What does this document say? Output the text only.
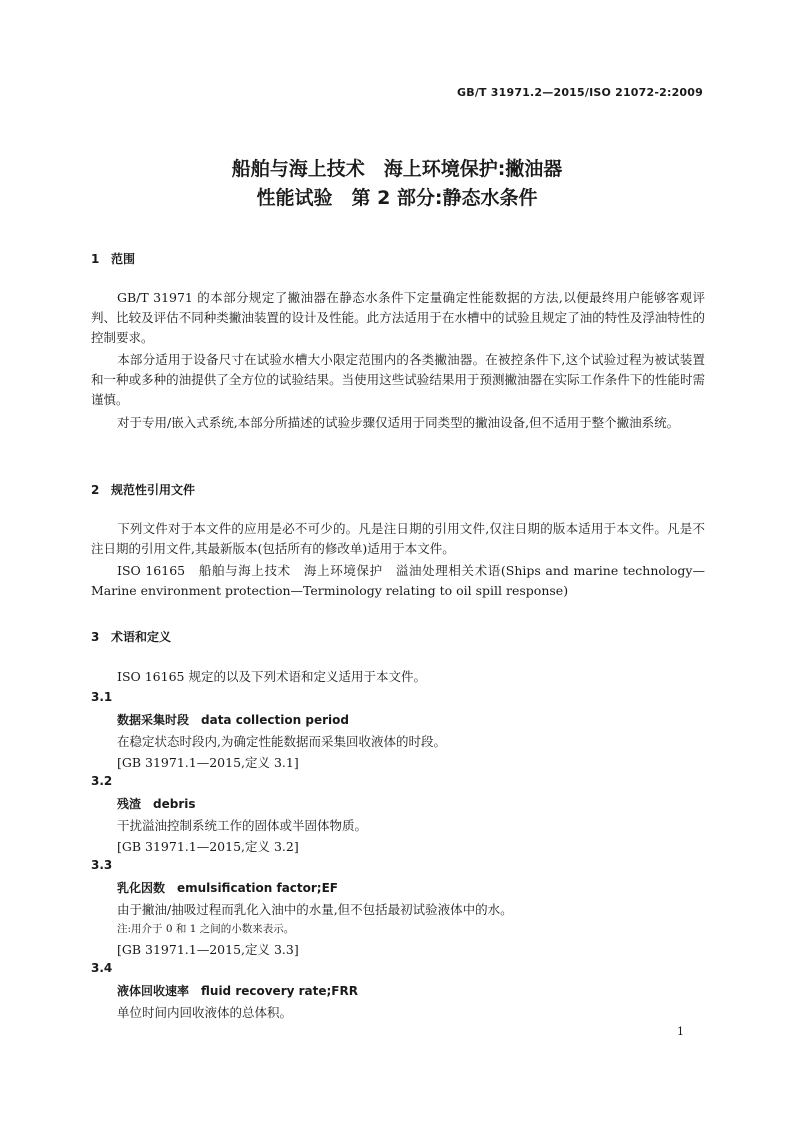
GB/T 31971.2—2015/ISO 21072-2:2009
船舶与海上技术　海上环境保护:撇油器
性能试验　第 2 部分:静态水条件
1 范围
GB/T 31971 的本部分规定了撇油器在静态水条件下定量确定性能数据的方法,以便最终用户能够客观评判、比较及评估不同种类撇油装置的设计及性能。此方法适用于在水槽中的试验且规定了油的特性及浮油特性的控制要求。
本部分适用于设备尺寸在试验水槽大小限定范围内的各类撇油器。在被控条件下,这个试验过程为被试装置和一种或多种的油提供了全方位的试验结果。当使用这些试验结果用于预测撇油器在实际工作条件下的性能时需谨慎。
对于专用/嵌入式系统,本部分所描述的试验步骤仅适用于同类型的撇油设备,但不适用于整个撇油系统。
2 规范性引用文件
下列文件对于本文件的应用是必不可少的。凡是注日期的引用文件,仅注日期的版本适用于本文件。凡是不注日期的引用文件,其最新版本(包括所有的修改单)适用于本文件。
ISO 16165　船舶与海上技术　海上环境保护　溢油处理相关术语(Ships and marine technology—Marine environment protection—Terminology relating to oil spill response)
3 术语和定义
ISO 16165 规定的以及下列术语和定义适用于本文件。
3.1
数据采集时段　data collection period
在稳定状态时段内,为确定性能数据而采集回收液体的时段。
[GB 31971.1—2015,定义 3.1]
3.2
残渣　debris
干扰溢油控制系统工作的固体或半固体物质。
[GB 31971.1—2015,定义 3.2]
3.3
乳化因数　emulsification factor;EF
由于撇油/抽吸过程而乳化入油中的水量,但不包括最初试验液体中的水。
注:用介于 0 和 1 之间的小数来表示。
[GB 31971.1—2015,定义 3.3]
3.4
液体回收速率　fluid recovery rate;FRR
单位时间内回收液体的总体积。
1
